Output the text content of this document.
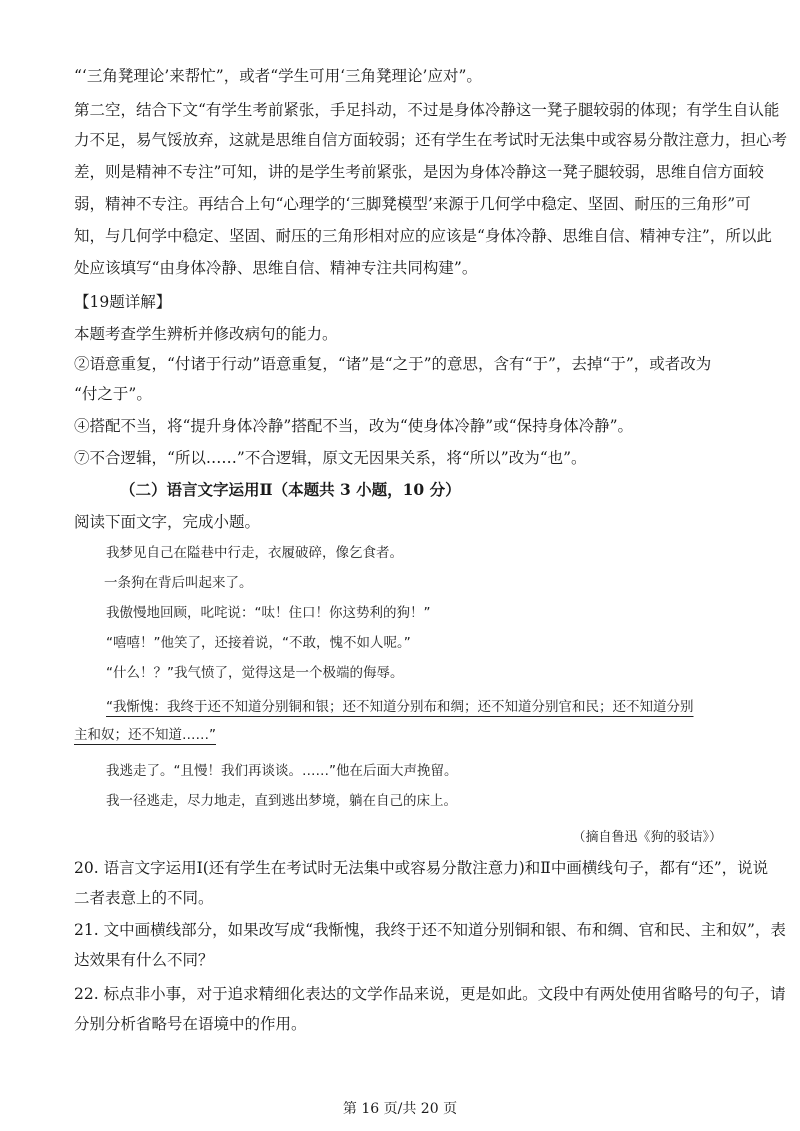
“‘三角凳理论’来帮忙”，或者“学生可用‘三角凳理论’应对”。
第二空，结合下文“有学生考前紧张，手足抖动，不过是身体冷静这一凳子腿较弱的体现；有学生自认能
力不足，易气馁放弃，这就是思维自信方面较弱；还有学生在考试时无法集中或容易分散注意力，担心考
差，则是精神不专注”可知，讲的是学生考前紧张，是因为身体冷静这一凳子腿较弱，思维自信方面较
弱，精神不专注。再结合上句“心理学的‘三脚凳模型’来源于几何学中稳定、坚固、耐压的三角形”可
知，与几何学中稳定、坚固、耐压的三角形相对应的应该是“身体冷静、思维自信、精神专注”，所以此
处应该填写“由身体冷静、思维自信、精神专注共同构建”。
【19题详解】
本题考查学生辨析并修改病句的能力。
②语意重复，“付诸于行动”语意重复，“诸”是“之于”的意思，含有“于”，去掉“于”，或者改为
“付之于”。
④搭配不当，将“提升身体冷静”搭配不当，改为“使身体冷静”或“保持身体冷静”。
⑦不合逻辑，“所以……”不合逻辑，原文无因果关系，将“所以”改为“也”。
（二）语言文字运用Ⅱ（本题共 3 小题，10 分）
阅读下面文字，完成小题。
我梦见自己在隘巷中行走，衣履破碎，像乞食者。
一条狗在背后叫起来了。
我傲慢地回顾，叱咤说：“呔！住口！你这势利的狗！”
“嘻嘻！”他笑了，还接着说，“不敢，愧不如人呢。”
“什么！？”我气愤了，觉得这是一个极端的侮辱。
“我惭愧：我终于还不知道分别铜和银；还不知道分别布和绸；还不知道分别官和民；还不知道分别
主和奴；还不知道……”
我逃走了。“且慢！我们再谈谈。……”他在后面大声挽留。
我一径逃走，尽力地走，直到逃出梦境，躺在自己的床上。
（摘自鲁迅《狗的驳诘》）
20. 语言文字运用Ⅰ(还有学生在考试时无法集中或容易分散注意力)和Ⅱ中画横线句子，都有“还”，说说
二者表意上的不同。
21. 文中画横线部分，如果改写成“我惭愧，我终于还不知道分别铜和银、布和绸、官和民、主和奴”，表
达效果有什么不同？
22. 标点非小事，对于追求精细化表达的文学作品来说，更是如此。文段中有两处使用省略号的句子，请
分别分析省略号在语境中的作用。
第 16 页/共 20 页
